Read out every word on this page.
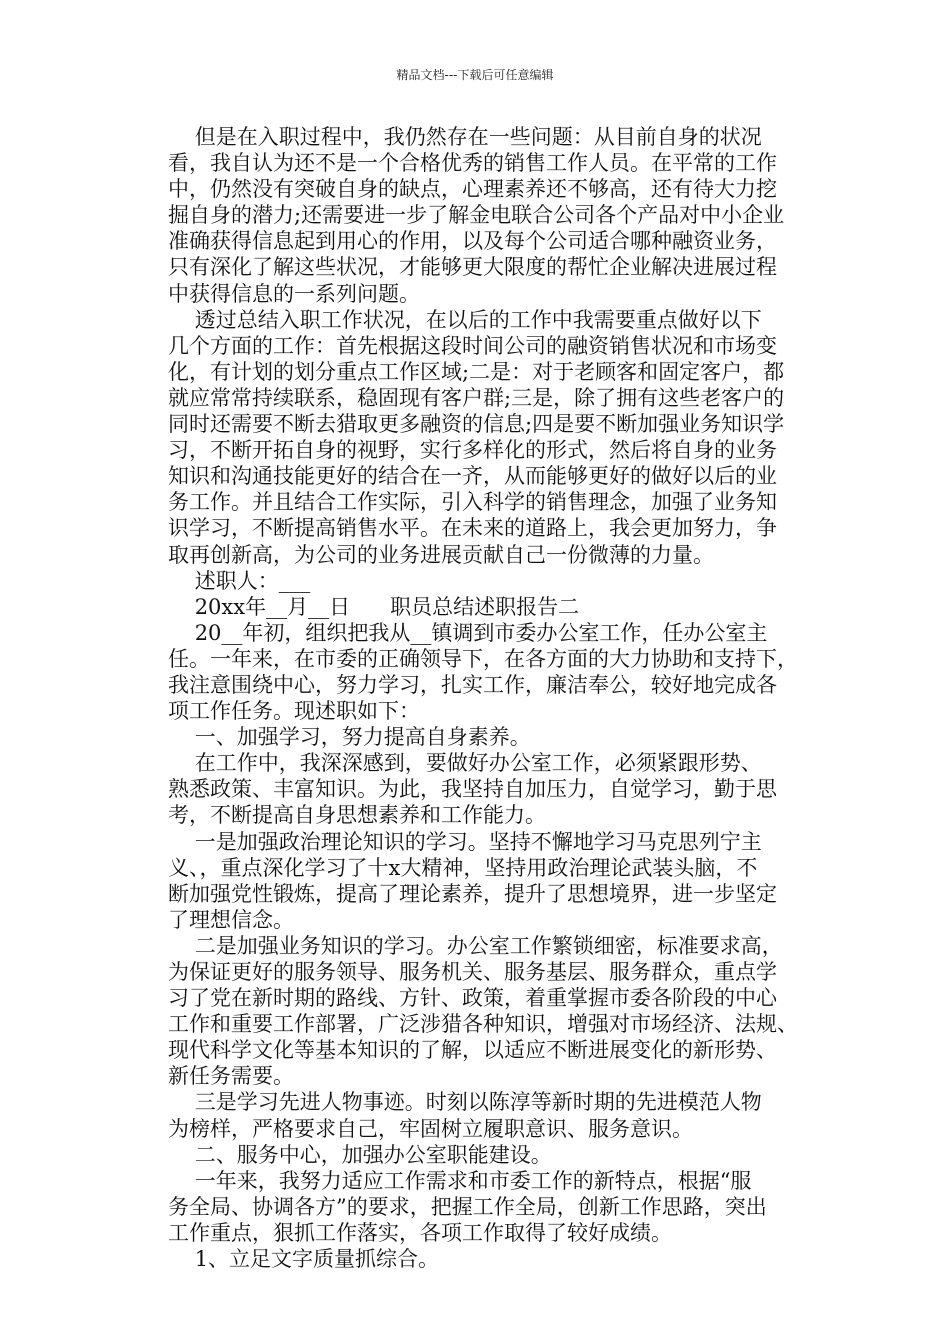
精品文档---下载后可任意编辑
但是在入职过程中，我仍然存在一些问题：从目前自身的状况
看，我自认为还不是一个合格优秀的销售工作人员。在平常的工作
中，仍然没有突破自身的缺点，心理素养还不够高，还有待大力挖
掘自身的潜力;还需要进一步了解金电联合公司各个产品对中小企业
准确获得信息起到用心的作用，以及每个公司适合哪种融资业务，
只有深化了解这些状况，才能够更大限度的帮忙企业解决进展过程
中获得信息的一系列问题。
透过总结入职工作状况，在以后的工作中我需要重点做好以下
几个方面的工作：首先根据这段时间公司的融资销售状况和市场变
化，有计划的划分重点工作区域;二是：对于老顾客和固定客户，都
就应常常持续联系，稳固现有客户群;三是，除了拥有这些老客户的
同时还需要不断去猎取更多融资的信息;四是要不断加强业务知识学
习，不断开拓自身的视野，实行多样化的形式，然后将自身的业务
知识和沟通技能更好的结合在一齐，从而能够更好的做好以后的业
务工作。并且结合工作实际，引入科学的销售理念，加强了业务知
识学习，不断提高销售水平。在未来的道路上，我会更加努力，争
取再创新高，为公司的业务进展贡献自己一份微薄的力量。
述职人：___
20xx年__月__日      职员总结述职报告二
20__年初，组织把我从__镇调到市委办公室工作，任办公室主
任。一年来，在市委的正确领导下，在各方面的大力协助和支持下，
我注意围绕中心，努力学习，扎实工作，廉洁奉公，较好地完成各
项工作任务。现述职如下：
一、加强学习，努力提高自身素养。
在工作中，我深深感到，要做好办公室工作，必须紧跟形势、
熟悉政策、丰富知识。为此，我坚持自加压力，自觉学习，勤于思
考，不断提高自身思想素养和工作能力。
一是加强政治理论知识的学习。坚持不懈地学习马克思列宁主
义、，重点深化学习了十x大精神，坚持用政治理论武装头脑，不
断加强党性锻炼，提高了理论素养，提升了思想境界，进一步坚定
了理想信念。
二是加强业务知识的学习。办公室工作繁锁细密，标准要求高，
为保证更好的服务领导、服务机关、服务基层、服务群众，重点学
习了党在新时期的路线、方针、政策，着重掌握市委各阶段的中心
工作和重要工作部署，广泛涉猎各种知识，增强对市场经济、法规、
现代科学文化等基本知识的了解，以适应不断进展变化的新形势、
新任务需要。
三是学习先进人物事迹。时刻以陈淳等新时期的先进模范人物
为榜样，严格要求自己，牢固树立履职意识、服务意识。
二、服务中心，加强办公室职能建设。
一年来，我努力适应工作需求和市委工作的新特点，根据“服
务全局、协调各方”的要求，把握工作全局，创新工作思路，突出
工作重点，狠抓工作落实，各项工作取得了较好成绩。
1、立足文字质量抓综合。
